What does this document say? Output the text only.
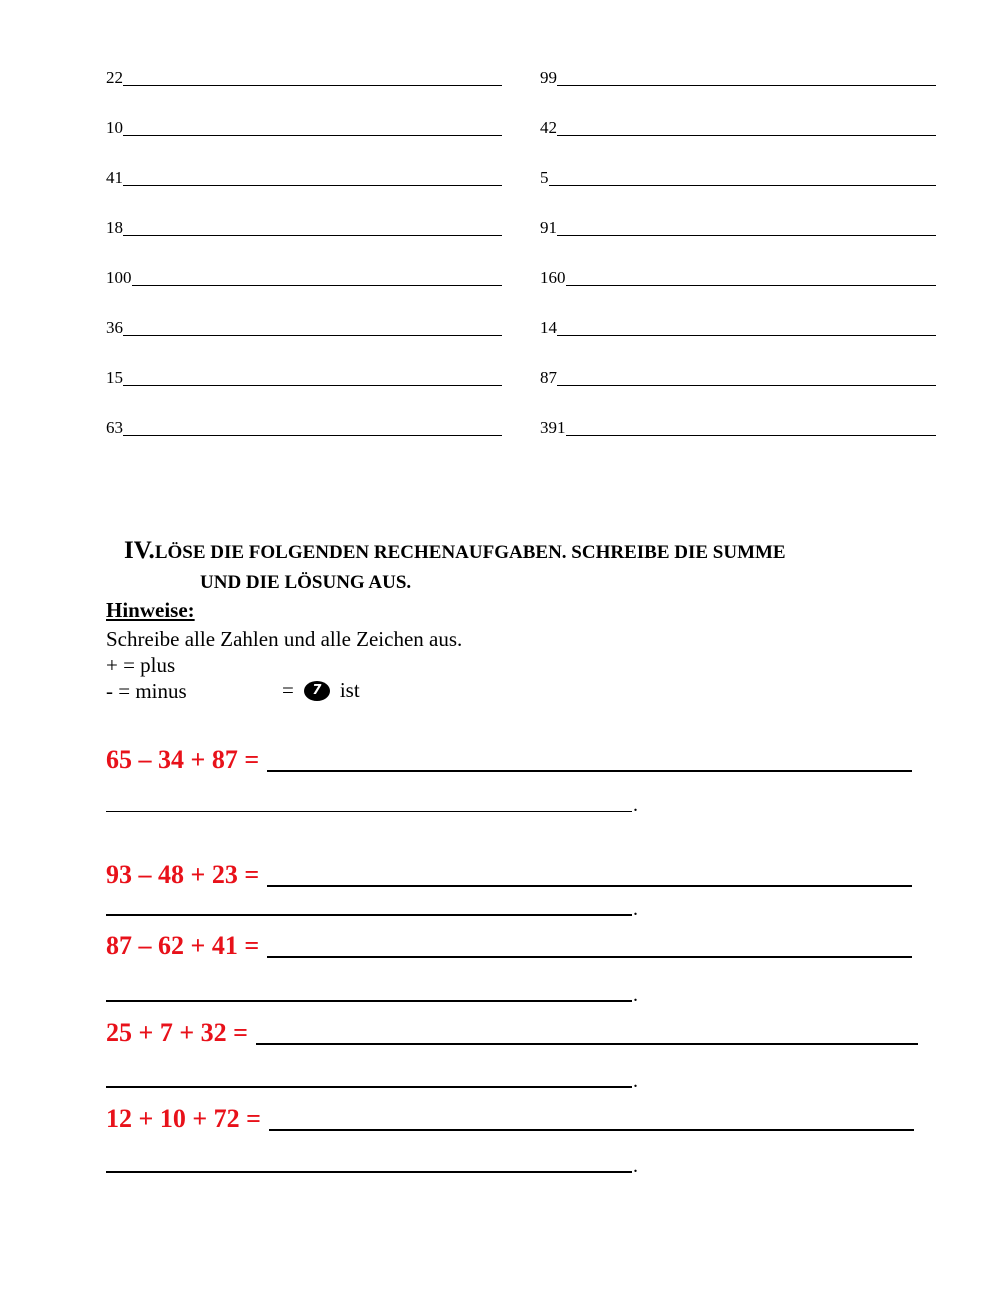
22
10
41
18
100
36
15
63
99
42
5
91
160
14
87
391
IV.LÖSE DIE FOLGENDEN RECHENAUFGABEN. SCHREIBE DIE SUMME
UND DIE LÖSUNG AUS.
Hinweise:
Schreibe alle Zahlen und alle Zeichen aus.
+ = plus
- = minus	=	7 ist
65 – 34 + 87 =
.
93 – 48 + 23 =
.
87 – 62 + 41 =
.
25 + 7 + 32 =
.
12 + 10 + 72 =
.
